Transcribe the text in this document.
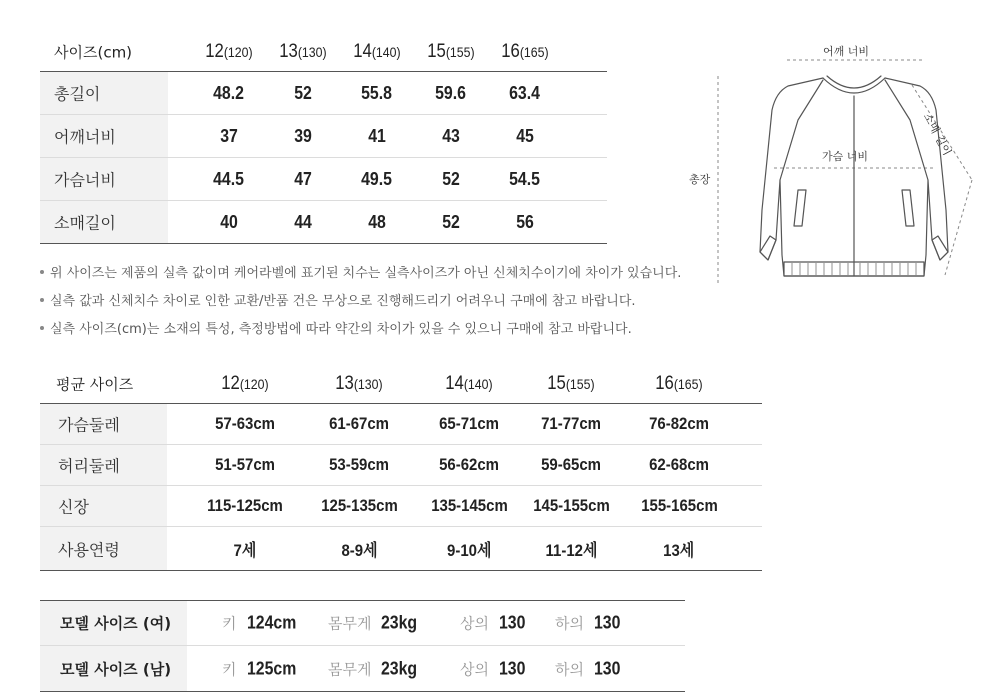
사이즈(cm)	12(120) 13(130) 14(140) 15(155) 16(165)
총길이	48.2	52	55.8 59.6 63.4
어깨너비	37	39	41	43	45
가슴너비	44.5	47	49.5	52	54.5
소매길이	40	44	48	52	56
위 사이즈는 제품의 실측 값이며 케어라벨에 표기된 치수는 실측사이즈가 아닌 신체치수이기에 차이가 있습니다.
실측 값과 신체치수 차이로 인한 교환/반품 건은 무상으로 진행해드리기 어려우니 구매에 참고 바랍니다.
실측 사이즈(cm)는 소재의 특성, 측정방법에 따라 약간의 차이가 있을 수 있으니 구매에 참고 바랍니다.
어깨 너비
가슴 너비
총장
소매 길이
평균 사이즈	12(120)	13(130)	14(140)	15(155)	16(165)
가슴둘레	57-63cm	61-67cm	65-71cm 71-77cm	76-82cm
허리둘레	51-57cm	53-59cm	56-62cm 59-65cm	62-68cm
신장	115-125cm 125-135cm 135-145cm 145-155cm 155-165cm
사용연령	7세	8-9세	9-10세	11-12세	13세
모델 사이즈 (여)	키 124cm 몸무게 23kg	상의 130 하의 130
모델 사이즈 (남)	키 125cm 몸무게 23kg	상의 130 하의 130
